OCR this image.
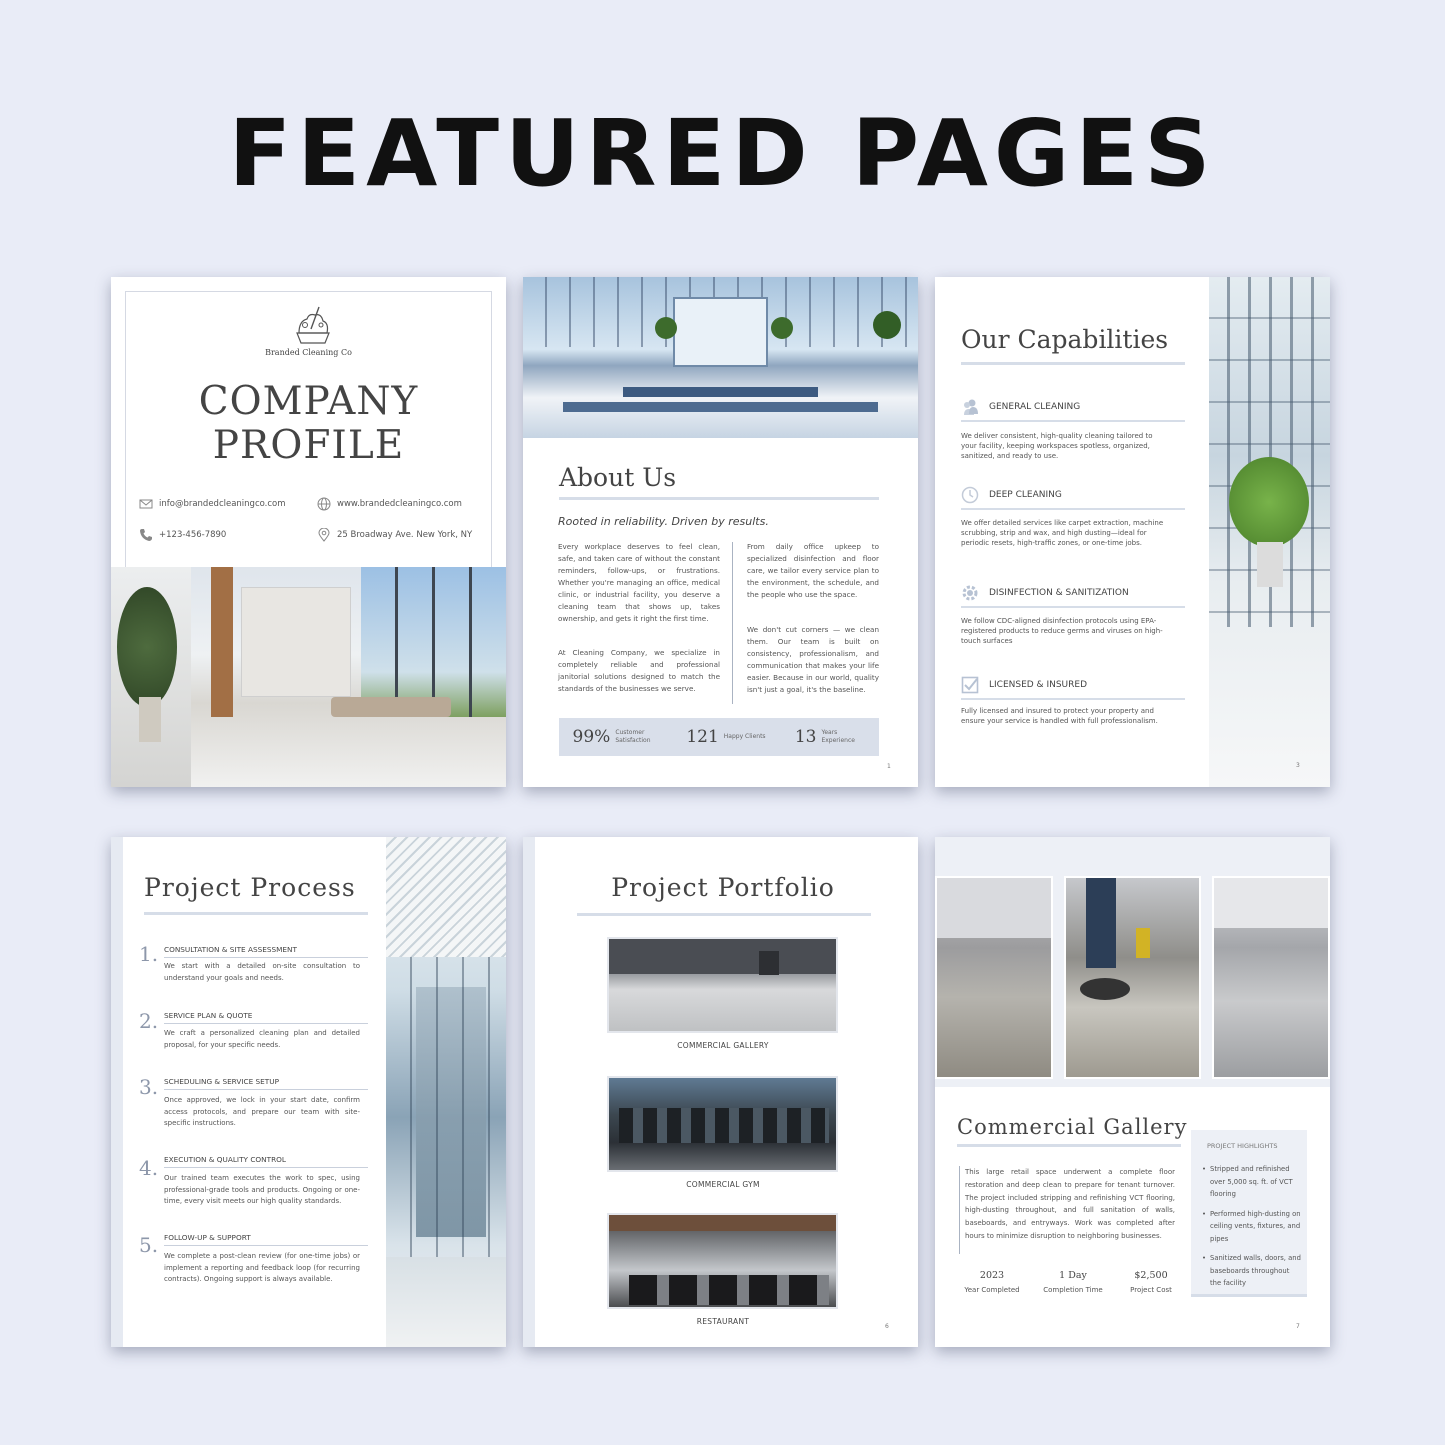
FEATURED PAGES
Branded Cleaning Co
COMPANY
PROFILE
info@brandedcleaningco.com	www.brandedcleaningco.com
+123-456-7890	25 Broadway Ave. New York, NY
About Us
Rooted in reliability. Driven by results.
Every workplace deserves to feel clean, safe, and taken care of without the constant reminders, follow-ups, or frustrations. Whether you're managing an office, medical clinic, or industrial facility, you deserve a cleaning team that shows up, takes ownership, and gets it right the first time.
At Cleaning Company, we specialize in completely reliable and professional janitorial solutions designed to match the standards of the businesses we serve.
From daily office upkeep to specialized disinfection and floor care, we tailor every service plan to the environment, the schedule, and the people who use the space.
We don't cut corners — we clean them. Our team is built on consistency, professionalism, and communication that makes your life easier. Because in our world, quality isn't just a goal, it's the baseline.
99% Customer Satisfaction	121 Happy Clients 13 Years Experience
1
Our Capabilities
GENERAL CLEANING
We deliver consistent, high-quality cleaning tailored to your facility, keeping workspaces spotless, organized, sanitized, and ready to use.
DEEP CLEANING
We offer detailed services like carpet extraction, machine scrubbing, strip and wax, and high dusting—ideal for periodic resets, high-traffic zones, or one-time jobs.
DISINFECTION & SANITIZATION
We follow CDC-aligned disinfection protocols using EPA-registered products to reduce germs and viruses on high-touch surfaces
LICENSED & INSURED
Fully licensed and insured to protect your property and ensure your service is handled with full professionalism.
3
Project Process
1. CONSULTATION & SITE ASSESSMENT
We start with a detailed on-site consultation to understand your goals and needs.
2. SERVICE PLAN & QUOTE
We craft a personalized cleaning plan and detailed proposal, for your specific needs.
3. SCHEDULING & SERVICE SETUP
Once approved, we lock in your start date, confirm access protocols, and prepare our team with site-specific instructions.
4. EXECUTION & QUALITY CONTROL
Our trained team executes the work to spec, using professional-grade tools and products. Ongoing or one-time, every visit meets our high quality standards.
5. FOLLOW-UP & SUPPORT
We complete a post-clean review (for one-time jobs) or implement a reporting and feedback loop (for recurring contracts). Ongoing support is always available.
Project Portfolio
COMMERCIAL GALLERY
COMMERCIAL GYM
RESTAURANT
6
Commercial Gallery
This large retail space underwent a complete floor restoration and deep clean to prepare for tenant turnover. The project included stripping and refinishing VCT flooring, high-dusting throughout, and full sanitation of walls, baseboards, and entryways. Work was completed after hours to minimize disruption to neighboring businesses.
2023
Year Completed
1 Day
Completion Time
$2,500
Project Cost
PROJECT HIGHLIGHTS
• Stripped and refinished over 5,000 sq. ft. of VCT flooring
• Performed high-dusting on ceiling vents, fixtures, and pipes
• Sanitized walls, doors, and baseboards throughout the facility
7
